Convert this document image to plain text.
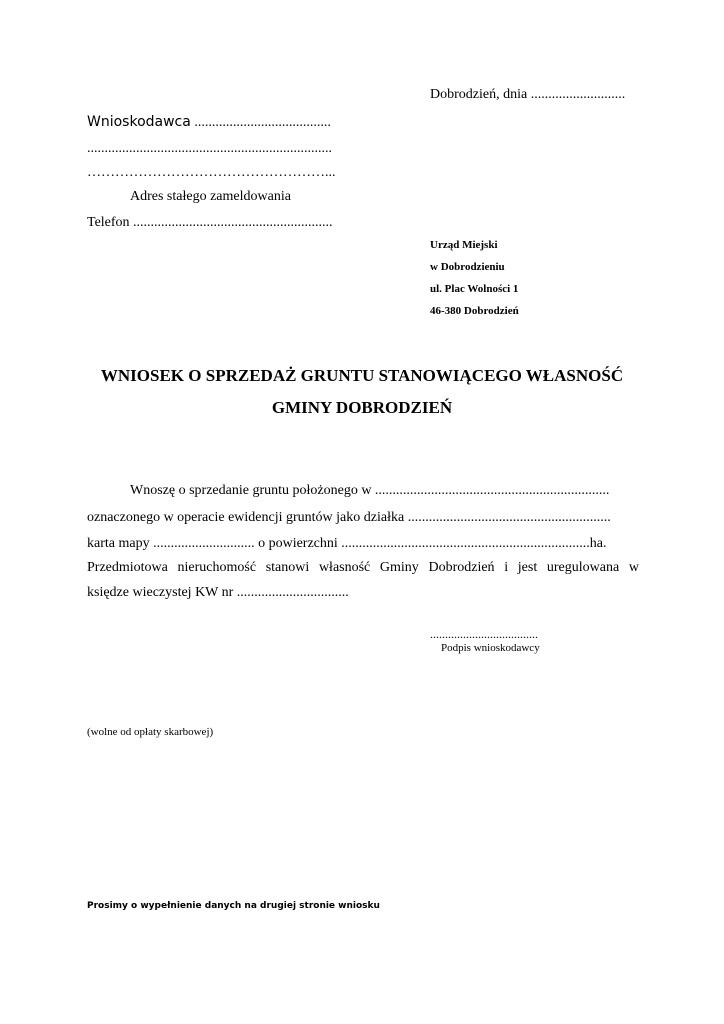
Dobrodzień, dnia ...........................
Wnioskodawca .......................................
......................................................................
……………………………………………...
Adres stałego zameldowania
Telefon .........................................................
Urząd Miejski
w Dobrodzieniu
ul. Plac Wolności 1
46-380 Dobrodzień
WNIOSEK O SPRZEDAŻ GRUNTU STANOWIĄCEGO WŁASNOŚĆ
GMINY DOBRODZIEŃ
Wnoszę o sprzedanie gruntu położonego w ...................................................................
oznaczonego w operacie ewidencji gruntów jako działka ..........................................................
karta mapy ............................. o powierzchni .......................................................................ha.
Przedmiotowa nieruchomość stanowi własność Gminy Dobrodzień i jest uregulowana w
księdze wieczystej KW nr ................................
....................................
Podpis wnioskodawcy
(wolne od opłaty skarbowej)
Prosimy o wypełnienie danych na drugiej stronie wniosku
